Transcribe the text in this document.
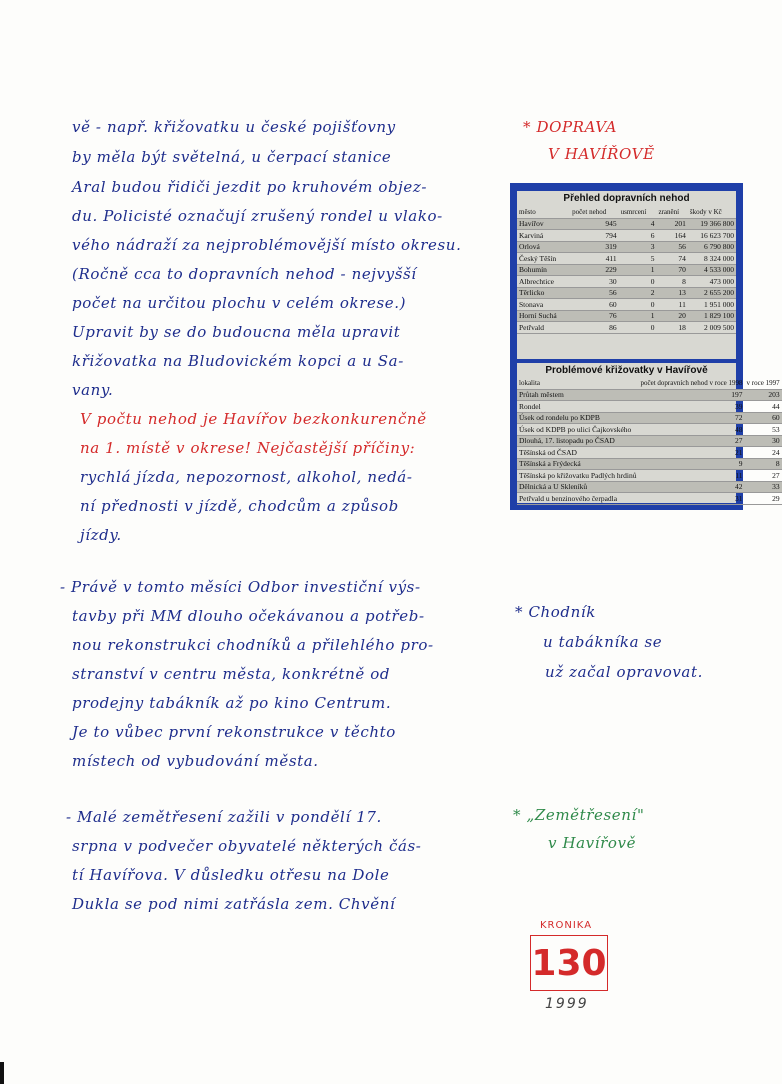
vě - např. křižovatku u české pojišťovny
by měla být světelná, u čerpací stanice
Aral budou řidiči jezdit po kruhovém objez-
du. Policisté označují zrušený rondel u vlako-
vého nádraží za nejproblémovější místo okresu.
(Ročně cca to dopravních nehod - nejvyšší
počet na určitou plochu v celém okrese.)
Upravit by se do budoucna měla upravit
křižovatka na Bludovickém kopci a u Sa-
vany.
V počtu nehod je Havířov bezkonkurenčně
na 1. místě v okrese! Nejčastější příčiny:
rychlá jízda, nepozornost, alkohol, nedá-
ní přednosti v jízdě, chodcům a způsob
jízdy.
- Právě v tomto měsíci Odbor investiční výs-
tavby při MM dlouho očekávanou a potřeb-
nou rekonstrukci chodníků a přilehlého pro-
stranství v centru města, konkrétně od
prodejny tabákník až po kino Centrum.
Je to vůbec první rekonstrukce v těchto
místech od vybudování města.
- Malé zemětřesení zažili v pondělí 17.
srpna v podvečer obyvatelé některých čás-
tí Havířova. V důsledku otřesu na Dole
Dukla se pod nimi zatřásla zem. Chvění
* DOPRAVA
V HAVÍŘOVĚ
* Chodník
u tabákníka se
už začal opravovat.
* „Zemětřesení"
v Havířově
Přehled dopravních nehod
město	počet nehod	usmrcení	zranění	škody v Kč
Havířov	945	4	201	19 366 800
Karviná	794	6	164	16 623 700
Orlová	319	3	56	6 790 800
Český Těšín	411	5	74	8 324 000
Bohumín	229	1	70	4 533 000
Albrechtice	30	0	8	473 000
Těrlicko	56	2	13	2 655 200
Stonava	60	0	11	1 951 000
Horní Suchá	76	1	20	1 829 100
Petřvald	86	0	18	2 009 500
Problémové křižovatky v Havířově
lokalita	počet dopravních nehod v roce 1998	v roce 1997
Průtah městem	197	203
Rondel	39	44
Úsek od rondelu po KDPB	72	60
Úsek od KDPB po ulici Čajkovského	48	53
Dlouhá, 17. listopadu po ČSAD	27	30
Těšínská od ČSAD	21	24
Těšínská a Frýdecká	9	8
Těšínská po křižovatku Padlých hrdinů	11	27
Dělnická a U Skleníků	42	33
Petřvald u benzinového čerpadla	31	29
KRONIKA
130
1999
